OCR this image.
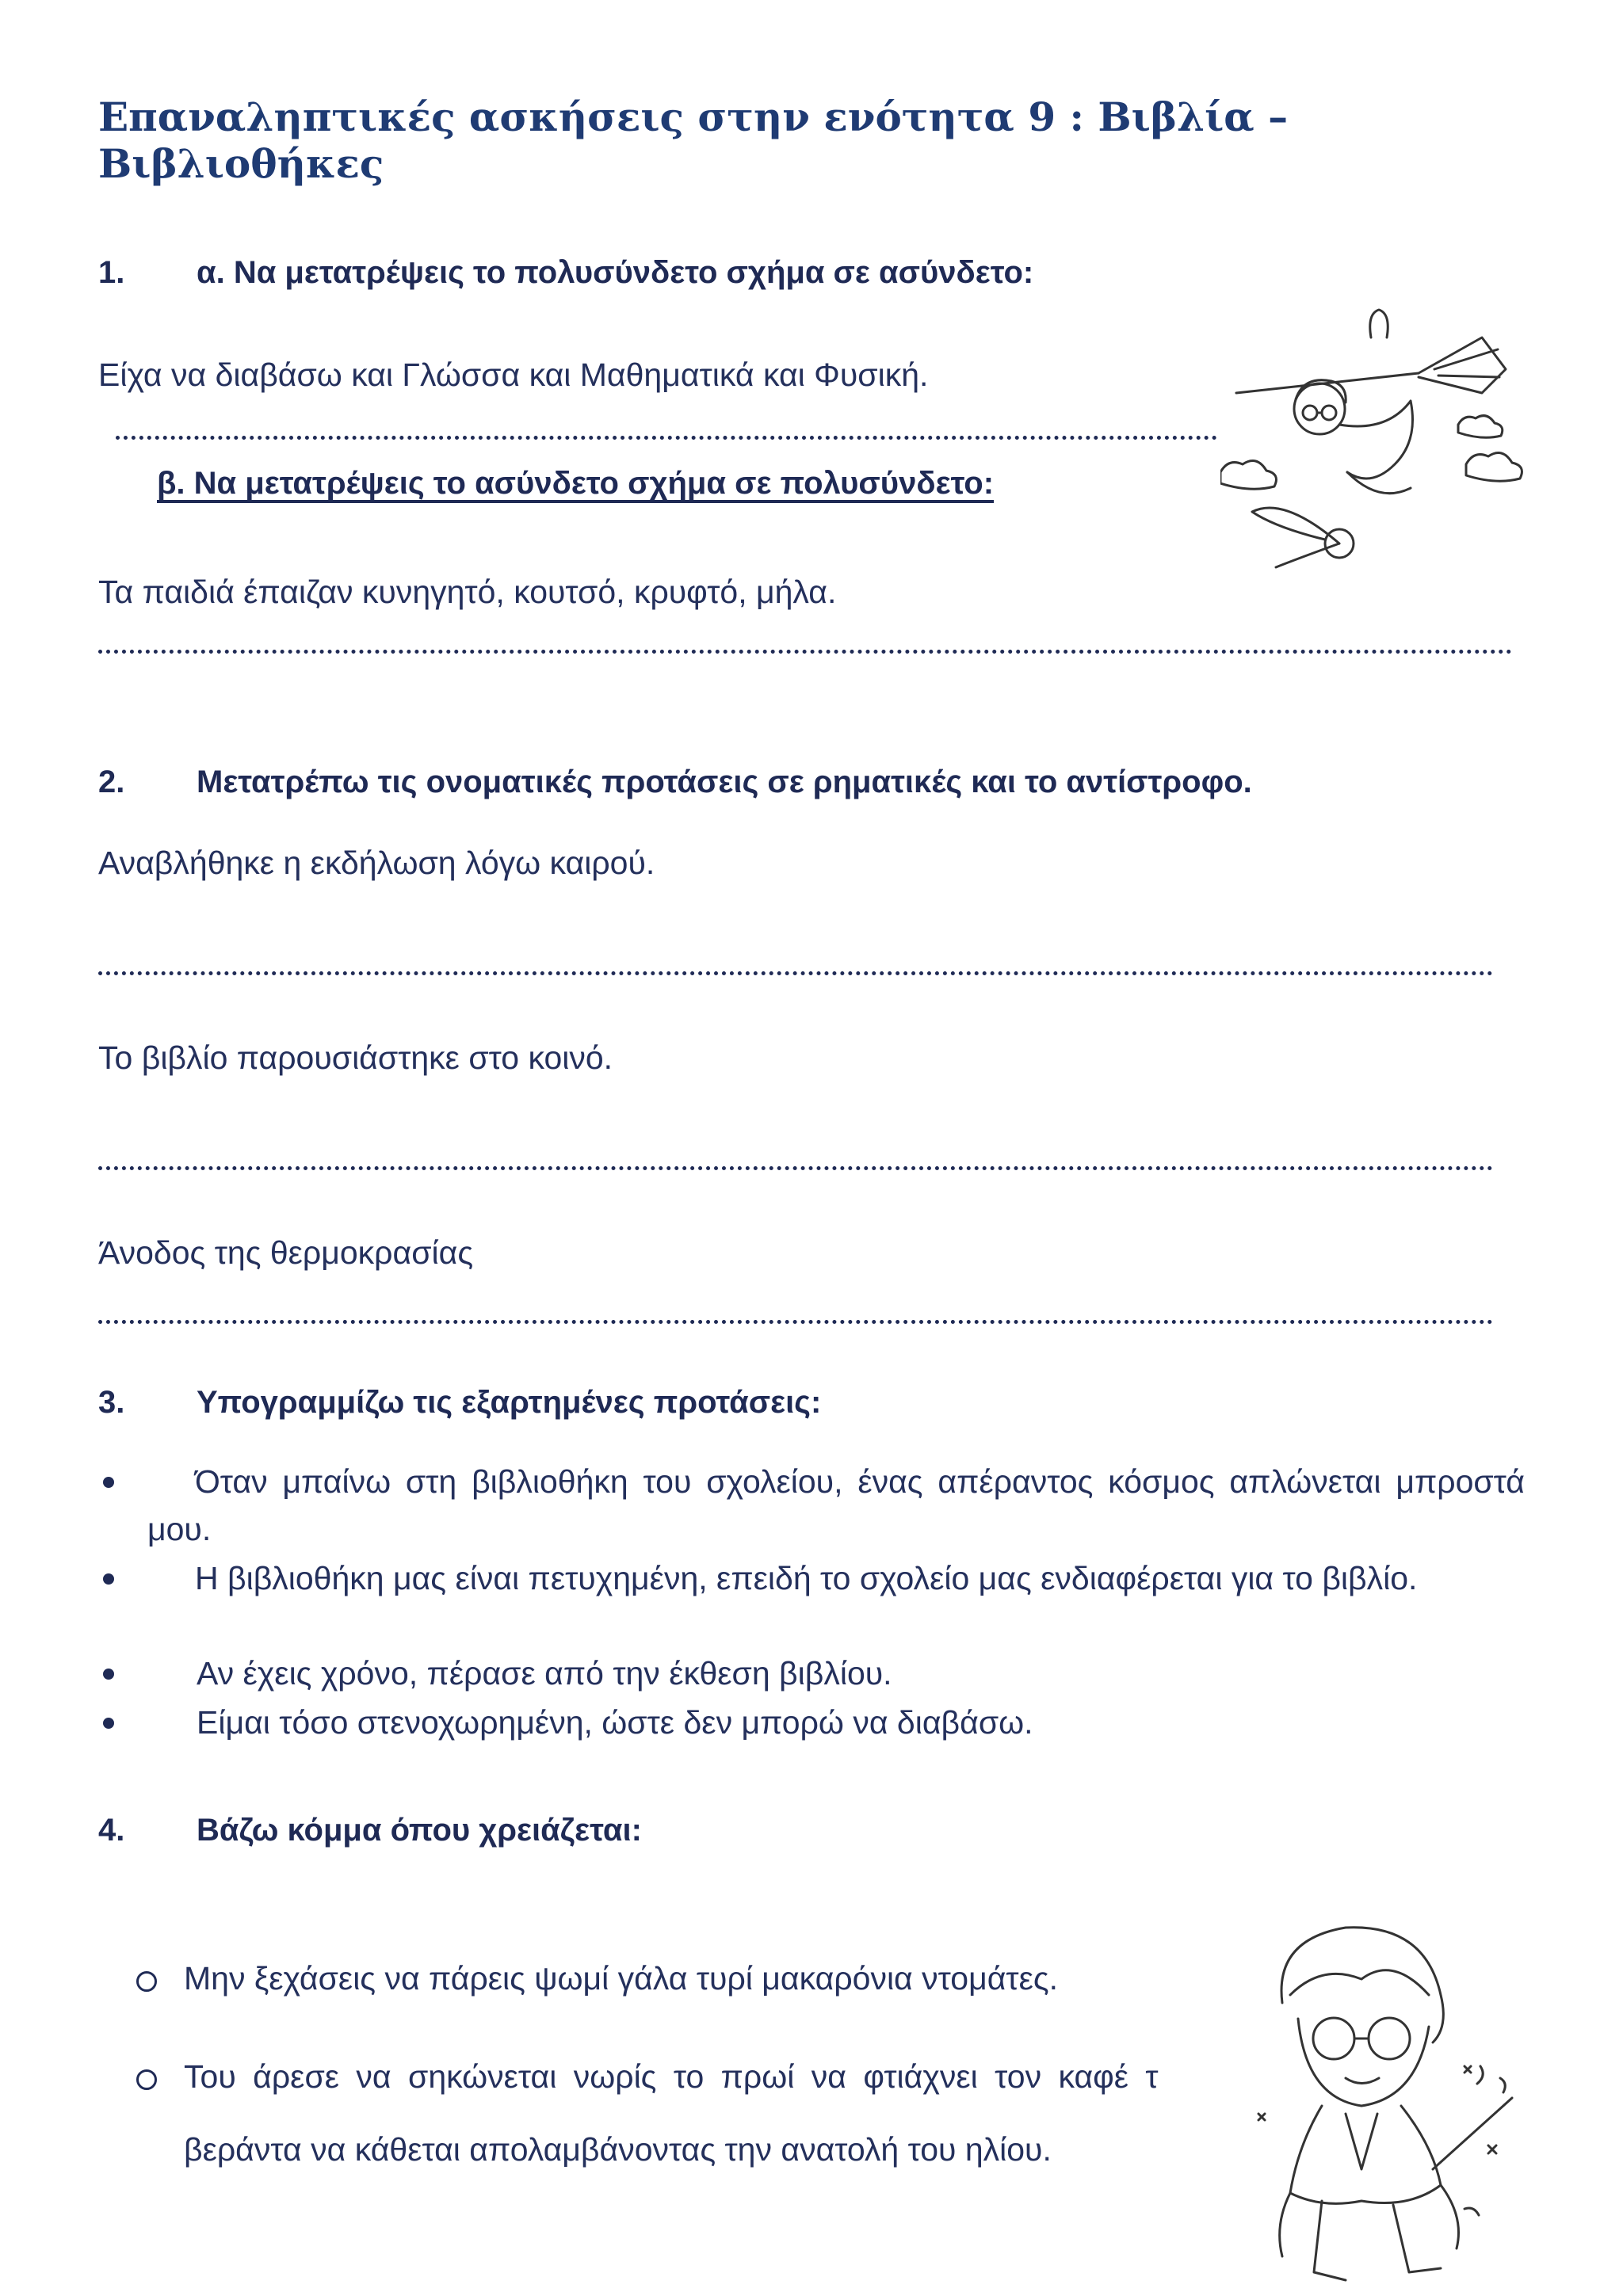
Επαναληπτικές ασκήσεις στην ενότητα 9 : Βιβλία – Βιβλιοθήκες
1. α. Να μετατρέψεις το πολυσύνδετο σχήμα σε ασύνδετο:
Είχα να διαβάσω και Γλώσσα και Μαθηματικά και Φυσική.
β. Να μετατρέψεις το ασύνδετο σχήμα σε πολυσύνδετο:
Τα παιδιά έπαιζαν κυνηγητό, κουτσό, κρυφτό, μήλα.
2. Μετατρέπω τις ονοματικές προτάσεις σε ρηματικές και το αντίστροφο.
Αναβλήθηκε η εκδήλωση λόγω καιρού.
Το βιβλίο παρουσιάστηκε στο κοινό.
Άνοδος της θερμοκρασίας
3. Υπογραμμίζω τις εξαρτημένες προτάσεις:
Όταν μπαίνω στη βιβλιοθήκη του σχολείου, ένας απέραντος κόσμος απλώνεται μπροστά μου.
Η βιβλιοθήκη μας είναι πετυχημένη, επειδή το σχολείο μας ενδιαφέρεται για το βιβλίο.
Αν έχεις χρόνο, πέρασε από την έκθεση βιβλίου.
Είμαι τόσο στενοχωρημένη, ώστε δεν μπορώ να διαβάσω.
4. Βάζω κόμμα όπου χρειάζεται:
Μην ξεχάσεις να πάρεις ψωμί γάλα τυρί μακαρόνια ντομάτες.
Του άρεσε να σηκώνεται νωρίς το πρωί να φτιάχνει τον καφέ τ
βεράντα να κάθεται απολαμβάνοντας την ανατολή του ηλίου.
